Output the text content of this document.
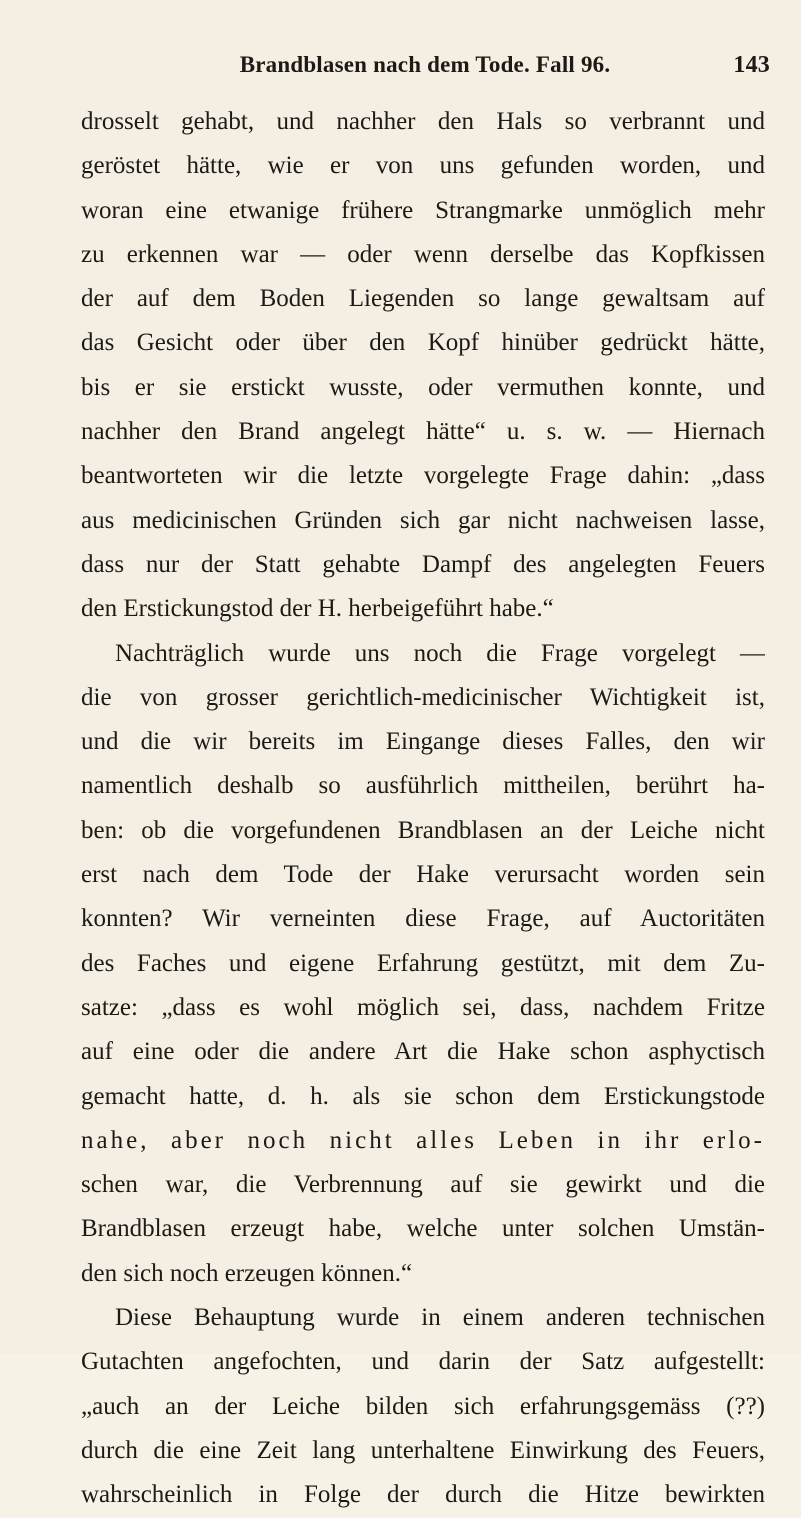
Brandblasen nach dem Tode. Fall 96.	143
drosselt gehabt, und nachher den Hals so verbrannt und
geröstet hätte, wie er von uns gefunden worden, und
woran eine etwanige frühere Strangmarke unmöglich mehr
zu erkennen war — oder wenn derselbe das Kopfkissen
der auf dem Boden Liegenden so lange gewaltsam auf
das Gesicht oder über den Kopf hinüber gedrückt hätte,
bis er sie erstickt wusste, oder vermuthen konnte, und
nachher den Brand angelegt hätte“ u. s. w. — Hiernach
beantworteten wir die letzte vorgelegte Frage dahin: „dass
aus medicinischen Gründen sich gar nicht nachweisen lasse,
dass nur der Statt gehabte Dampf des angelegten Feuers
den Erstickungstod der H. herbeigeführt habe.“
Nachträglich wurde uns noch die Frage vorgelegt —
die von grosser gerichtlich-medicinischer Wichtigkeit ist,
und die wir bereits im Eingange dieses Falles, den wir
namentlich deshalb so ausführlich mittheilen, berührt ha-
ben: ob die vorgefundenen Brandblasen an der Leiche nicht
erst nach dem Tode der Hake verursacht worden sein
konnten? Wir verneinten diese Frage, auf Auctoritäten
des Faches und eigene Erfahrung gestützt, mit dem Zu-
satze: „dass es wohl möglich sei, dass, nachdem Fritze
auf eine oder die andere Art die Hake schon asphyctisch
gemacht hatte, d. h. als sie schon dem Erstickungstode
nahe, aber noch nicht alles Leben in ihr erlo-
schen war, die Verbrennung auf sie gewirkt und die
Brandblasen erzeugt habe, welche unter solchen Umstän-
den sich noch erzeugen können.“
Diese Behauptung wurde in einem anderen technischen
Gutachten angefochten, und darin der Satz aufgestellt:
„auch an der Leiche bilden sich erfahrungsgemäss (??)
durch die eine Zeit lang unterhaltene Einwirkung des Feuers,
wahrscheinlich in Folge der durch die Hitze bewirkten
